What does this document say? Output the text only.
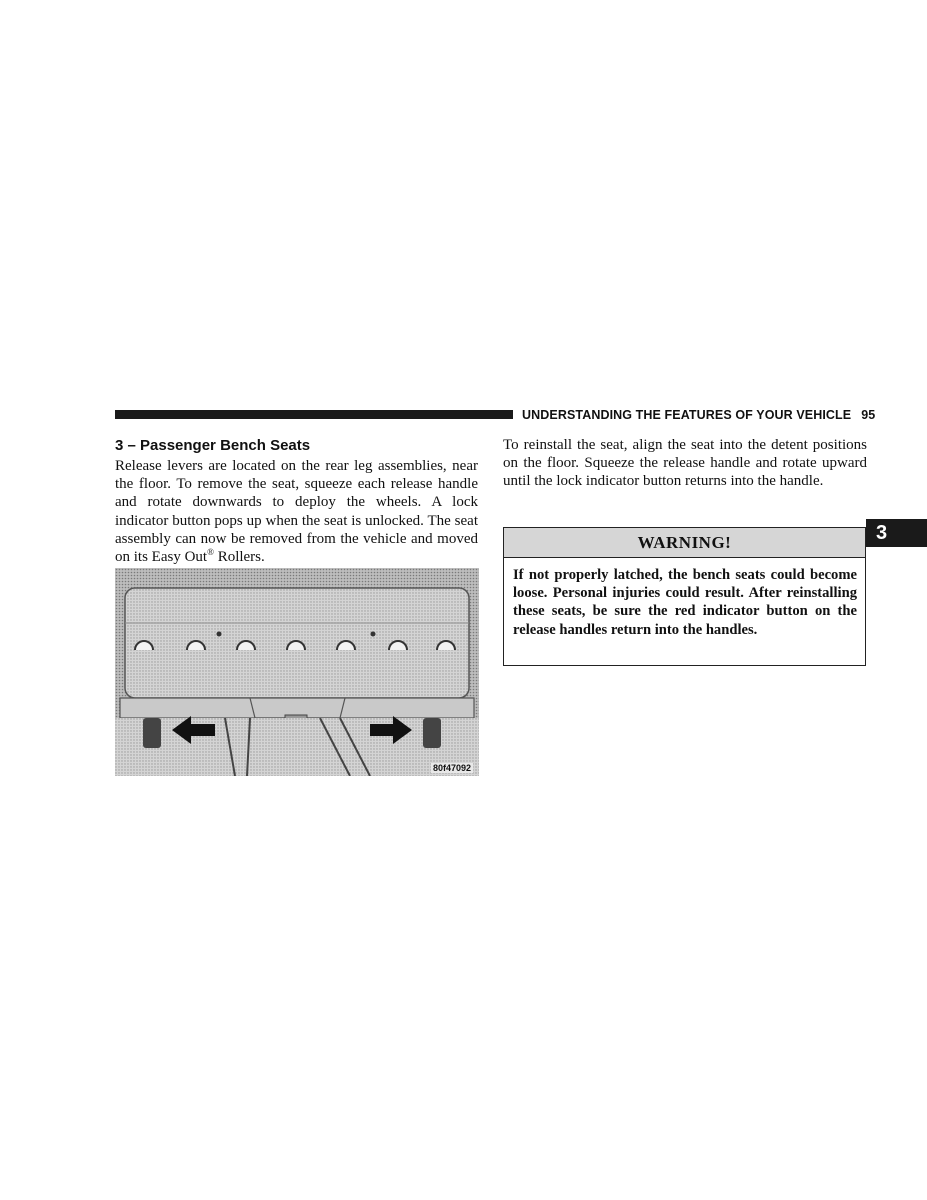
UNDERSTANDING THE FEATURES OF YOUR VEHICLE 95
3
3 – Passenger Bench Seats

Release levers are located on the rear leg assemblies, near the floor. To remove the seat, squeeze each release handle and rotate downwards to deploy the wheels. A lock indicator button pops up when the seat is unlocked. The seat assembly can now be removed from the vehicle and moved on its Easy Out® Rollers.

80f47092

To reinstall the seat, align the seat into the detent positions on the floor. Squeeze the release handle and rotate upward until the lock indicator button returns into the handle.

WARNING!
If not properly latched, the bench seats could become loose. Personal injuries could result. After reinstalling these seats, be sure the red indicator button on the release handles return into the handles.
